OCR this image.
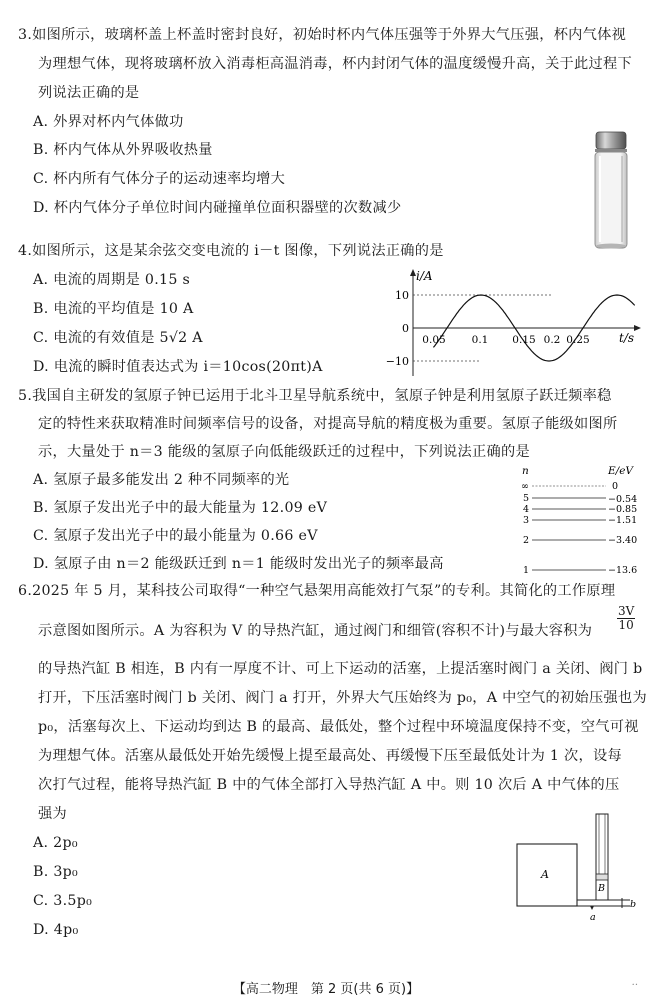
3.如图所示，玻璃杯盖上杯盖时密封良好，初始时杯内气体压强等于外界大气压强，杯内气体视
为理想气体，现将玻璃杯放入消毒柜高温消毒，杯内封闭气体的温度缓慢升高，关于此过程下
列说法正确的是
A. 外界对杯内气体做功
B. 杯内气体从外界吸收热量
C. 杯内所有气体分子的运动速率均增大
D. 杯内气体分子单位时间内碰撞单位面积器壁的次数减少
4.如图所示，这是某余弦交变电流的 i－t 图像，下列说法正确的是
A. 电流的周期是 0.15 s
B. 电流的平均值是 10 A
C. 电流的有效值是 5√2 A
D. 电流的瞬时值表达式为 i＝10cos(20πt)A
i/A
t/s
10
0
−10
0.05 0.1 0.15 0.2 0.25
5.我国自主研发的氢原子钟已运用于北斗卫星导航系统中，氢原子钟是利用氢原子跃迁频率稳
定的特性来获取精准时间频率信号的设备，对提高导航的精度极为重要。氢原子能级如图所
示，大量处于 n＝3 能级的氢原子向低能级跃迁的过程中，下列说法正确的是
A. 氢原子最多能发出 2 种不同频率的光
B. 氢原子发出光子中的最大能量为 12.09 eV
C. 氢原子发出光子中的最小能量为 0.66 eV
D. 氢原子由 n＝2 能级跃迁到 n＝1 能级时发出光子的频率最高
n	E/eV
∞	0
5	−0.54
4	−0.85
3	−1.51
2	−3.40
1	−13.6
6.2025 年 5 月，某科技公司取得“一种空气悬架用高能效打气泵”的专利。其简化的工作原理
示意图如图所示。A 为容积为 V 的导热汽缸，通过阀门和细管(容积不计)与最大容积为 $\frac{3V}{10}$
的导热汽缸 B 相连，B 内有一厚度不计、可上下运动的活塞，上提活塞时阀门 a 关闭、阀门 b
打开，下压活塞时阀门 b 关闭、阀门 a 打开，外界大气压始终为 p₀，A 中空气的初始压强也为
p₀，活塞每次上、下运动均到达 B 的最高、最低处，整个过程中环境温度保持不变，空气可视
为理想气体。活塞从最低处开始先缓慢上提至最高处、再缓慢下压至最低处计为 1 次，设每
次打气过程，能将导热汽缸 B 中的气体全部打入导热汽缸 A 中。则 10 次后 A 中气体的压
强为
A. 2p₀
B. 3p₀
C. 3.5p₀
D. 4p₀
A
B
a
b
【高二物理　第 2 页(共 6 页)】	··
